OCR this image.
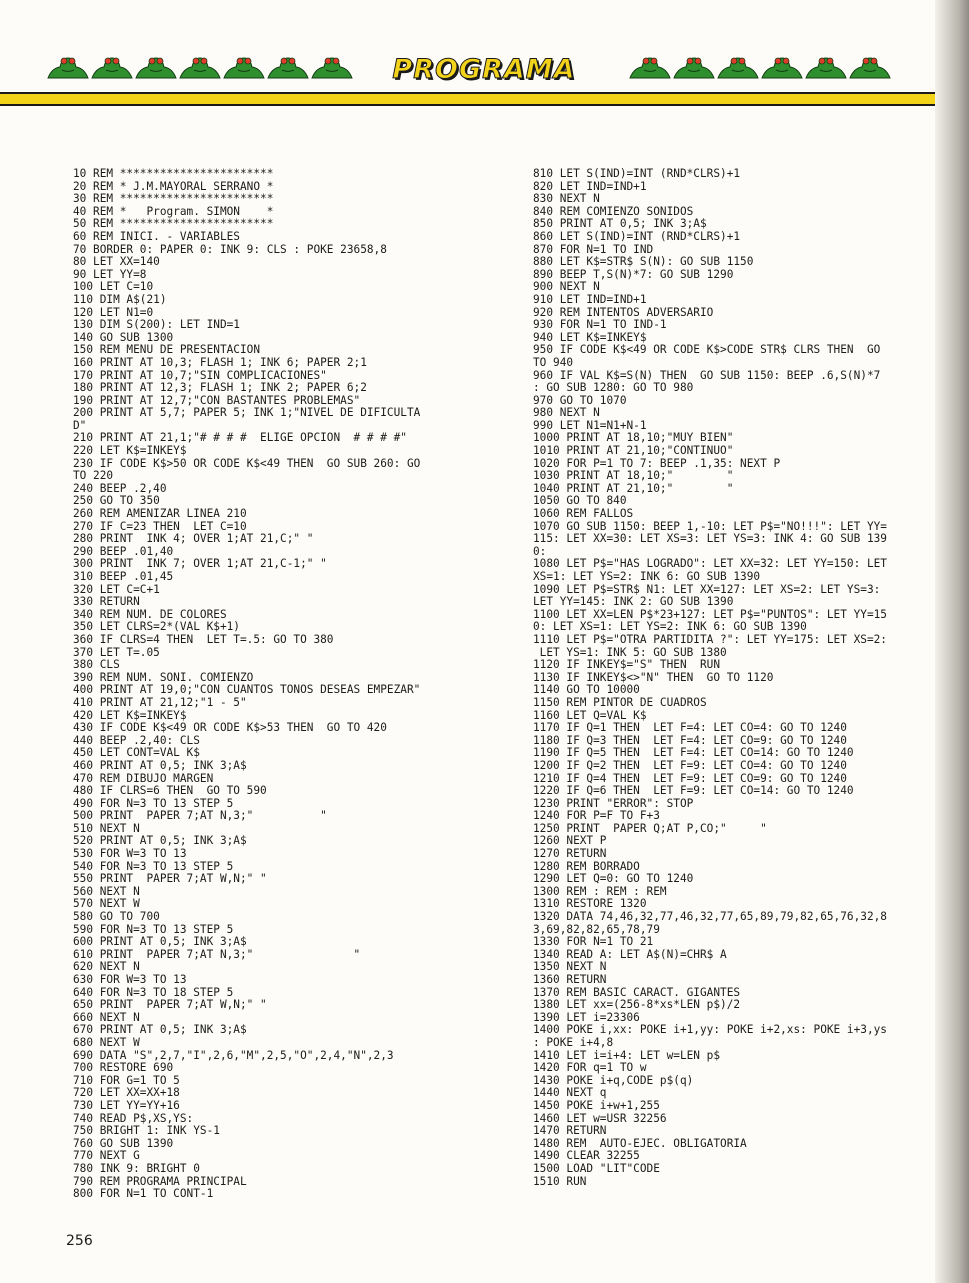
PROGRAMA
10 REM ***********************
20 REM * J.M.MAYORAL SERRANO *
30 REM ***********************
40 REM *   Program. SIMON    *
50 REM ***********************
60 REM INICI. - VARIABLES
70 BORDER 0: PAPER 0: INK 9: CLS : POKE 23658,8
80 LET XX=140
90 LET YY=8
100 LET C=10
110 DIM A$(21)
120 LET N1=0
130 DIM S(200): LET IND=1
140 GO SUB 1300
150 REM MENU DE PRESENTACION
160 PRINT AT 10,3; FLASH 1; INK 6; PAPER 2;1
170 PRINT AT 10,7;"SIN COMPLICACIONES"
180 PRINT AT 12,3; FLASH 1; INK 2; PAPER 6;2
190 PRINT AT 12,7;"CON BASTANTES PROBLEMAS"
200 PRINT AT 5,7; PAPER 5; INK 1;"NIVEL DE DIFICULTA
D"
210 PRINT AT 21,1;"# # # #  ELIGE OPCION  # # # #"
220 LET K$=INKEY$
230 IF CODE K$>50 OR CODE K$<49 THEN  GO SUB 260: GO
TO 220
240 BEEP .2,40
250 GO TO 350
260 REM AMENIZAR LINEA 210
270 IF C=23 THEN  LET C=10
280 PRINT  INK 4; OVER 1;AT 21,C;" "
290 BEEP .01,40
300 PRINT  INK 7; OVER 1;AT 21,C-1;" "
310 BEEP .01,45
320 LET C=C+1
330 RETURN
340 REM NUM. DE COLORES
350 LET CLRS=2*(VAL K$+1)
360 IF CLRS=4 THEN  LET T=.5: GO TO 380
370 LET T=.05
380 CLS
390 REM NUM. SONI. COMIENZO
400 PRINT AT 19,0;"CON CUANTOS TONOS DESEAS EMPEZAR"
410 PRINT AT 21,12;"1 - 5"
420 LET K$=INKEY$
430 IF CODE K$<49 OR CODE K$>53 THEN  GO TO 420
440 BEEP .2,40: CLS
450 LET CONT=VAL K$
460 PRINT AT 0,5; INK 3;A$
470 REM DIBUJO MARGEN
480 IF CLRS=6 THEN  GO TO 590
490 FOR N=3 TO 13 STEP 5
500 PRINT  PAPER 7;AT N,3;"          "
510 NEXT N
520 PRINT AT 0,5; INK 3;A$
530 FOR W=3 TO 13
540 FOR N=3 TO 13 STEP 5
550 PRINT  PAPER 7;AT W,N;" "
560 NEXT N
570 NEXT W
580 GO TO 700
590 FOR N=3 TO 13 STEP 5
600 PRINT AT 0,5; INK 3;A$
610 PRINT  PAPER 7;AT N,3;"               "
620 NEXT N
630 FOR W=3 TO 13
640 FOR N=3 TO 18 STEP 5
650 PRINT  PAPER 7;AT W,N;" "
660 NEXT N
670 PRINT AT 0,5; INK 3;A$
680 NEXT W
690 DATA "S",2,7,"I",2,6,"M",2,5,"O",2,4,"N",2,3
700 RESTORE 690
710 FOR G=1 TO 5
720 LET XX=XX+18
730 LET YY=YY+16
740 READ P$,XS,YS:
750 BRIGHT 1: INK YS-1
760 GO SUB 1390
770 NEXT G
780 INK 9: BRIGHT 0
790 REM PROGRAMA PRINCIPAL
800 FOR N=1 TO CONT-1
810 LET S(IND)=INT (RND*CLRS)+1
820 LET IND=IND+1
830 NEXT N
840 REM COMIENZO SONIDOS
850 PRINT AT 0,5; INK 3;A$
860 LET S(IND)=INT (RND*CLRS)+1
870 FOR N=1 TO IND
880 LET K$=STR$ S(N): GO SUB 1150
890 BEEP T,S(N)*7: GO SUB 1290
900 NEXT N
910 LET IND=IND+1
920 REM INTENTOS ADVERSARIO
930 FOR N=1 TO IND-1
940 LET K$=INKEY$
950 IF CODE K$<49 OR CODE K$>CODE STR$ CLRS THEN  GO
TO 940
960 IF VAL K$=S(N) THEN  GO SUB 1150: BEEP .6,S(N)*7
: GO SUB 1280: GO TO 980
970 GO TO 1070
980 NEXT N
990 LET N1=N1+N-1
1000 PRINT AT 18,10;"MUY BIEN"
1010 PRINT AT 21,10;"CONTINUO"
1020 FOR P=1 TO 7: BEEP .1,35: NEXT P
1030 PRINT AT 18,10;"        "
1040 PRINT AT 21,10;"        "
1050 GO TO 840
1060 REM FALLOS
1070 GO SUB 1150: BEEP 1,-10: LET P$="NO!!!": LET YY=
115: LET XX=30: LET XS=3: LET YS=3: INK 4: GO SUB 139
0:
1080 LET P$="HAS LOGRADO": LET XX=32: LET YY=150: LET
XS=1: LET YS=2: INK 6: GO SUB 1390
1090 LET P$=STR$ N1: LET XX=127: LET XS=2: LET YS=3:
LET YY=145: INK 2: GO SUB 1390
1100 LET XX=LEN P$*23+127: LET P$="PUNTOS": LET YY=15
0: LET XS=1: LET YS=2: INK 6: GO SUB 1390
1110 LET P$="OTRA PARTIDITA ?": LET YY=175: LET XS=2:
LET YS=1: INK 5: GO SUB 1380
1120 IF INKEY$="S" THEN  RUN
1130 IF INKEY$<>"N" THEN  GO TO 1120
1140 GO TO 10000
1150 REM PINTOR DE CUADROS
1160 LET Q=VAL K$
1170 IF Q=1 THEN  LET F=4: LET CO=4: GO TO 1240
1180 IF Q=3 THEN  LET F=4: LET CO=9: GO TO 1240
1190 IF Q=5 THEN  LET F=4: LET CO=14: GO TO 1240
1200 IF Q=2 THEN  LET F=9: LET CO=4: GO TO 1240
1210 IF Q=4 THEN  LET F=9: LET CO=9: GO TO 1240
1220 IF Q=6 THEN  LET F=9: LET CO=14: GO TO 1240
1230 PRINT "ERROR": STOP
1240 FOR P=F TO F+3
1250 PRINT  PAPER Q;AT P,CO;"     "
1260 NEXT P
1270 RETURN
1280 REM BORRADO
1290 LET Q=0: GO TO 1240
1300 REM : REM : REM
1310 RESTORE 1320
1320 DATA 74,46,32,77,46,32,77,65,89,79,82,65,76,32,8
3,69,82,82,65,78,79
1330 FOR N=1 TO 21
1340 READ A: LET A$(N)=CHR$ A
1350 NEXT N
1360 RETURN
1370 REM BASIC CARACT. GIGANTES
1380 LET xx=(256-8*xs*LEN p$)/2
1390 LET i=23306
1400 POKE i,xx: POKE i+1,yy: POKE i+2,xs: POKE i+3,ys
: POKE i+4,8
1410 LET i=i+4: LET w=LEN p$
1420 FOR q=1 TO w
1430 POKE i+q,CODE p$(q)
1440 NEXT q
1450 POKE i+w+1,255
1460 LET w=USR 32256
1470 RETURN
1480 REM  AUTO-EJEC. OBLIGATORIA
1490 CLEAR 32255
1500 LOAD "LIT"CODE
1510 RUN
256
